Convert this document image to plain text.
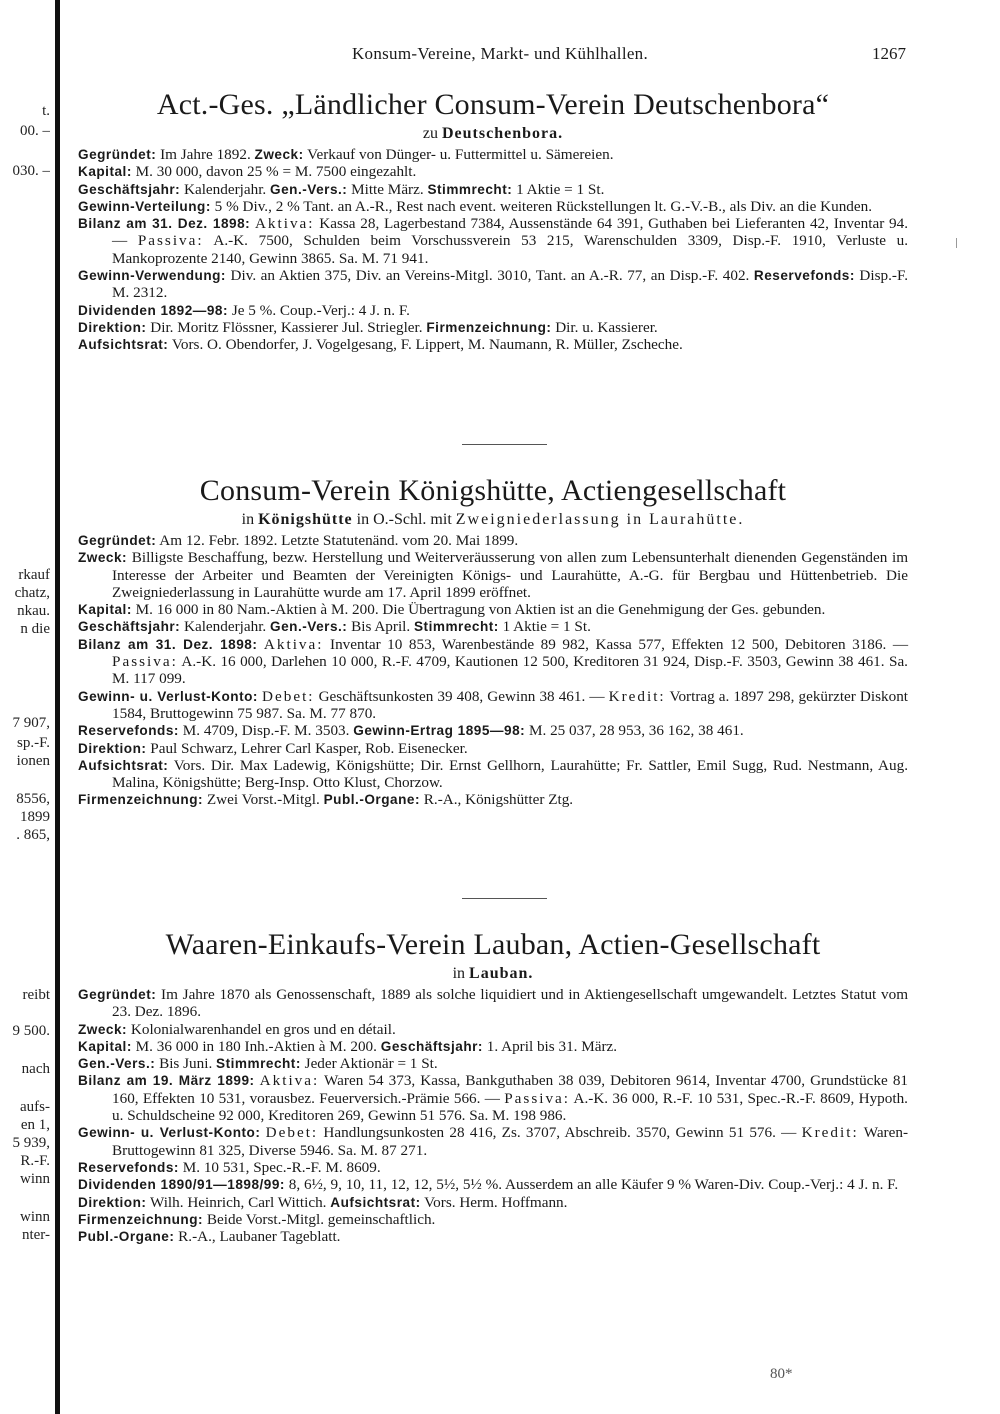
t.
00. –
030. –
rkauf
chatz,
nkau.
n die
7 907,
sp.-F.
ionen
8556,
1899
. 865,
reibt
9 500.
nach
aufs-
en 1,
5 939,
R.-F.
winn
winn
nter-
Konsum-Vereine, Markt- und Kühlhallen.	1267
Act.-Ges. „Ländlicher Consum-Verein Deutschenbora“
zu Deutschenbora.
Gegründet: Im Jahre 1892. Zweck: Verkauf von Dünger- u. Futtermittel u. Sämereien.
Kapital: M. 30 000, davon 25 % = M. 7500 eingezahlt.
Geschäftsjahr: Kalenderjahr. Gen.-Vers.: Mitte März. Stimmrecht: 1 Aktie = 1 St.
Gewinn-Verteilung: 5 % Div., 2 % Tant. an A.-R., Rest nach event. weiteren Rückstellungen lt. G.-V.-B., als Div. an die Kunden.
Bilanz am 31. Dez. 1898: Aktiva: Kassa 28, Lagerbestand 7384, Aussenstände 64 391, Guthaben bei Lieferanten 42, Inventar 94. — Passiva: A.-K. 7500, Schulden beim Vorschussverein 53 215, Warenschulden 3309, Disp.-F. 1910, Verluste u. Mankoprozente 2140, Gewinn 3865. Sa. M. 71 941.
Gewinn-Verwendung: Div. an Aktien 375, Div. an Vereins-Mitgl. 3010, Tant. an A.-R. 77, an Disp.-F. 402. Reservefonds: Disp.-F. M. 2312.
Dividenden 1892—98: Je 5 %. Coup.-Verj.: 4 J. n. F.
Direktion: Dir. Moritz Flössner, Kassierer Jul. Striegler. Firmenzeichnung: Dir. u. Kassierer.
Aufsichtsrat: Vors. O. Obendorfer, J. Vogelgesang, F. Lippert, M. Naumann, R. Müller, Zscheche.
Consum-Verein Königshütte, Actiengesellschaft
in Königshütte in O.-Schl. mit Zweigniederlassung in Laurahütte.
Gegründet: Am 12. Febr. 1892. Letzte Statutenänd. vom 20. Mai 1899.
Zweck: Billigste Beschaffung, bezw. Herstellung und Weiterveräusserung von allen zum Lebensunterhalt dienenden Gegenständen im Interesse der Arbeiter und Beamten der Vereinigten Königs- und Laurahütte, A.-G. für Bergbau und Hüttenbetrieb. Die Zweigniederlassung in Laurahütte wurde am 17. April 1899 eröffnet.
Kapital: M. 16 000 in 80 Nam.-Aktien à M. 200. Die Übertragung von Aktien ist an die Genehmigung der Ges. gebunden.
Geschäftsjahr: Kalenderjahr. Gen.-Vers.: Bis April. Stimmrecht: 1 Aktie = 1 St.
Bilanz am 31. Dez. 1898: Aktiva: Inventar 10 853, Warenbestände 89 982, Kassa 577, Effekten 12 500, Debitoren 3186. — Passiva: A.-K. 16 000, Darlehen 10 000, R.-F. 4709, Kautionen 12 500, Kreditoren 31 924, Disp.-F. 3503, Gewinn 38 461. Sa. M. 117 099.
Gewinn- u. Verlust-Konto: Debet: Geschäftsunkosten 39 408, Gewinn 38 461. — Kredit: Vortrag a. 1897 298, gekürzter Diskont 1584, Bruttogewinn 75 987. Sa. M. 77 870.
Reservefonds: M. 4709, Disp.-F. M. 3503. Gewinn-Ertrag 1895—98: M. 25 037, 28 953, 36 162, 38 461.
Direktion: Paul Schwarz, Lehrer Carl Kasper, Rob. Eisenecker.
Aufsichtsrat: Vors. Dir. Max Ladewig, Königshütte; Dir. Ernst Gellhorn, Laurahütte; Fr. Sattler, Emil Sugg, Rud. Nestmann, Aug. Malina, Königshütte; Berg-Insp. Otto Klust, Chorzow.
Firmenzeichnung: Zwei Vorst.-Mitgl. Publ.-Organe: R.-A., Königshütter Ztg.
Waaren-Einkaufs-Verein Lauban, Actien-Gesellschaft
in Lauban.
Gegründet: Im Jahre 1870 als Genossenschaft, 1889 als solche liquidiert und in Aktiengesellschaft umgewandelt. Letztes Statut vom 23. Dez. 1896.
Zweck: Kolonialwarenhandel en gros und en détail.
Kapital: M. 36 000 in 180 Inh.-Aktien à M. 200. Geschäftsjahr: 1. April bis 31. März.
Gen.-Vers.: Bis Juni. Stimmrecht: Jeder Aktionär = 1 St.
Bilanz am 19. März 1899: Aktiva: Waren 54 373, Kassa, Bankguthaben 38 039, Debitoren 9614, Inventar 4700, Grundstücke 81 160, Effekten 10 531, vorausbez. Feuerversich.-Prämie 566. — Passiva: A.-K. 36 000, R.-F. 10 531, Spec.-R.-F. 8609, Hypoth. u. Schuldscheine 92 000, Kreditoren 269, Gewinn 51 576. Sa. M. 198 986.
Gewinn- u. Verlust-Konto: Debet: Handlungsunkosten 28 416, Zs. 3707, Abschreib. 3570, Gewinn 51 576. — Kredit: Waren-Bruttogewinn 81 325, Diverse 5946. Sa. M. 87 271.
Reservefonds: M. 10 531, Spec.-R.-F. M. 8609.
Dividenden 1890/91—1898/99: 8, 6½, 9, 10, 11, 12, 12, 5½, 5½ %. Ausserdem an alle Käufer 9 % Waren-Div. Coup.-Verj.: 4 J. n. F.
Direktion: Wilh. Heinrich, Carl Wittich. Aufsichtsrat: Vors. Herm. Hoffmann.
Firmenzeichnung: Beide Vorst.-Mitgl. gemeinschaftlich.
Publ.-Organe: R.-A., Laubaner Tageblatt.
80*
